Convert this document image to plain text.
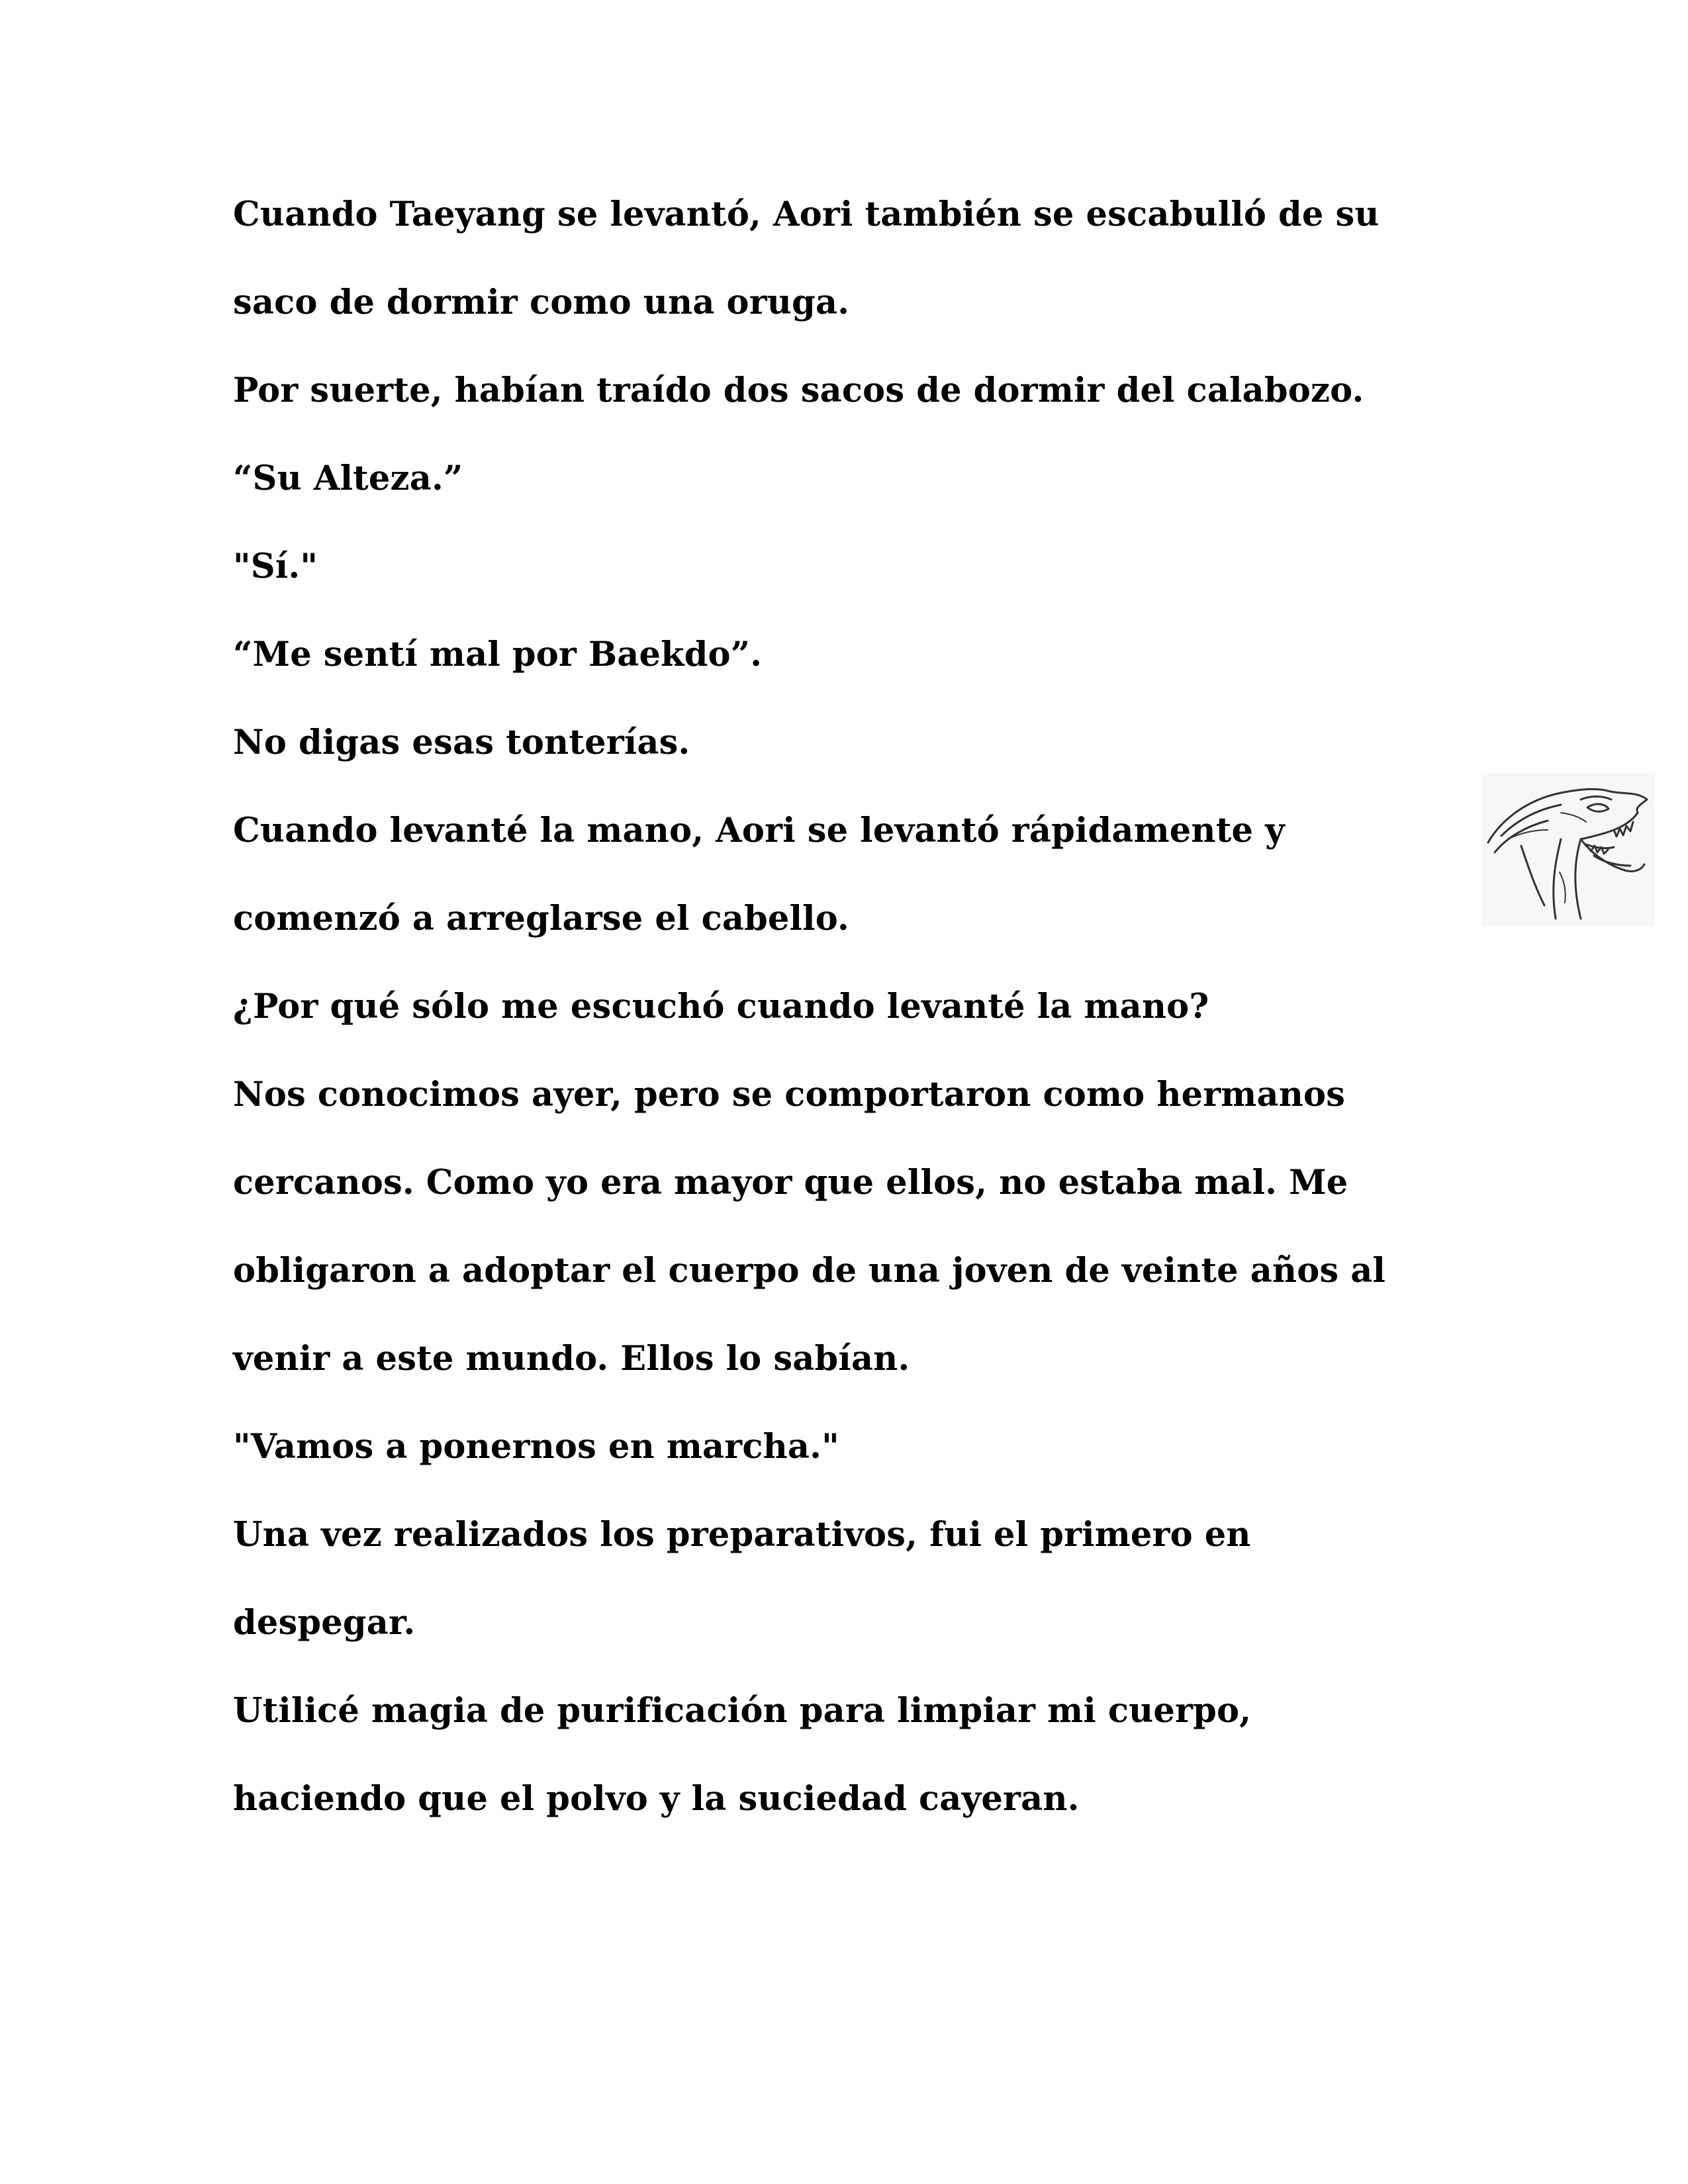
Cuando Taeyang se levantó, Aori también se escabulló de su
saco de dormir como una oruga.
Por suerte, habían traído dos sacos de dormir del calabozo.
“Su Alteza.”
"Sí."
“Me sentí mal por Baekdo”.
No digas esas tonterías.
Cuando levanté la mano, Aori se levantó rápidamente y
comenzó a arreglarse el cabello.
¿Por qué sólo me escuchó cuando levanté la mano?
Nos conocimos ayer, pero se comportaron como hermanos
cercanos. Como yo era mayor que ellos, no estaba mal. Me
obligaron a adoptar el cuerpo de una joven de veinte años al
venir a este mundo. Ellos lo sabían.
"Vamos a ponernos en marcha."
Una vez realizados los preparativos, fui el primero en
despegar.
Utilicé magia de purificación para limpiar mi cuerpo,
haciendo que el polvo y la suciedad cayeran.
